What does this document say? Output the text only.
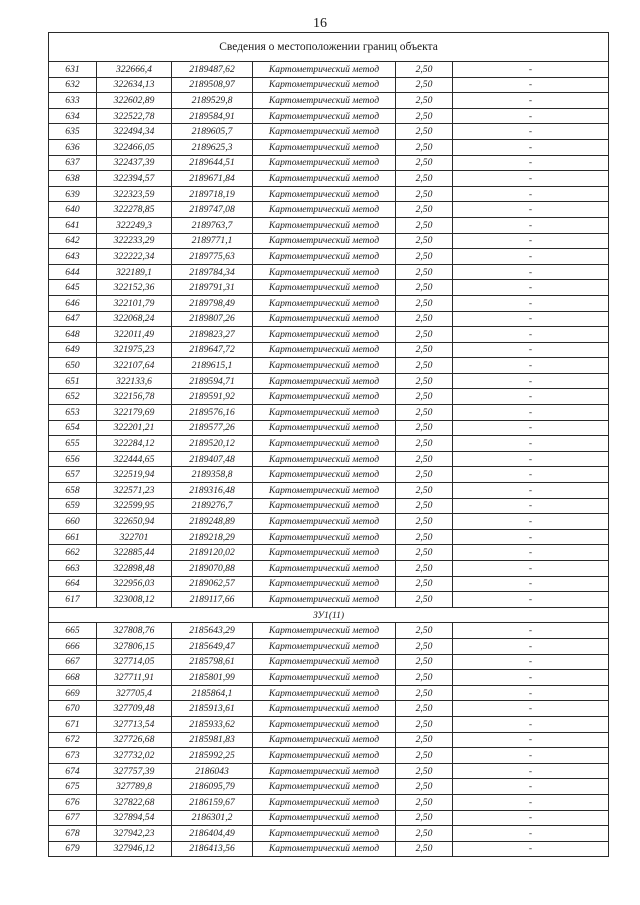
16
Сведения о местоположении границ объекта					
631	322666,4	2189487,62	Картометрический метод	2,50	-
632	322634,13	2189508,97	Картометрический метод	2,50	-
633	322602,89	2189529,8	Картометрический метод	2,50	-
634	322522,78	2189584,91	Картометрический метод	2,50	-
635	322494,34	2189605,7	Картометрический метод	2,50	-
636	322466,05	2189625,3	Картометрический метод	2,50	-
637	322437,39	2189644,51	Картометрический метод	2,50	-
638	322394,57	2189671,84	Картометрический метод	2,50	-
639	322323,59	2189718,19	Картометрический метод	2,50	-
640	322278,85	2189747,08	Картометрический метод	2,50	-
641	322249,3	2189763,7	Картометрический метод	2,50	-
642	322233,29	2189771,1	Картометрический метод	2,50	-
643	322222,34	2189775,63	Картометрический метод	2,50	-
644	322189,1	2189784,34	Картометрический метод	2,50	-
645	322152,36	2189791,31	Картометрический метод	2,50	-
646	322101,79	2189798,49	Картометрический метод	2,50	-
647	322068,24	2189807,26	Картометрический метод	2,50	-
648	322011,49	2189823,27	Картометрический метод	2,50	-
649	321975,23	2189647,72	Картометрический метод	2,50	-
650	322107,64	2189615,1	Картометрический метод	2,50	-
651	322133,6	2189594,71	Картометрический метод	2,50	-
652	322156,78	2189591,92	Картометрический метод	2,50	-
653	322179,69	2189576,16	Картометрический метод	2,50	-
654	322201,21	2189577,26	Картометрический метод	2,50	-
655	322284,12	2189520,12	Картометрический метод	2,50	-
656	322444,65	2189407,48	Картометрический метод	2,50	-
657	322519,94	2189358,8	Картометрический метод	2,50	-
658	322571,23	2189316,48	Картометрический метод	2,50	-
659	322599,95	2189276,7	Картометрический метод	2,50	-
660	322650,94	2189248,89	Картометрический метод	2,50	-
661	322701	2189218,29	Картометрический метод	2,50	-
662	322885,44	2189120,02	Картометрический метод	2,50	-
663	322898,48	2189070,88	Картометрический метод	2,50	-
664	322956,03	2189062,57	Картометрический метод	2,50	-
617	323008,12	2189117,66	Картометрический метод	2,50	-
ЗУ1(11)					
665	327808,76	2185643,29	Картометрический метод	2,50	-
666	327806,15	2185649,47	Картометрический метод	2,50	-
667	327714,05	2185798,61	Картометрический метод	2,50	-
668	327711,91	2185801,99	Картометрический метод	2,50	-
669	327705,4	2185864,1	Картометрический метод	2,50	-
670	327709,48	2185913,61	Картометрический метод	2,50	-
671	327713,54	2185933,62	Картометрический метод	2,50	-
672	327726,68	2185981,83	Картометрический метод	2,50	-
673	327732,02	2185992,25	Картометрический метод	2,50	-
674	327757,39	2186043	Картометрический метод	2,50	-
675	327789,8	2186095,79	Картометрический метод	2,50	-
676	327822,68	2186159,67	Картометрический метод	2,50	-
677	327894,54	2186301,2	Картометрический метод	2,50	-
678	327942,23	2186404,49	Картометрический метод	2,50	-
679	327946,12	2186413,56	Картометрический метод	2,50	-
